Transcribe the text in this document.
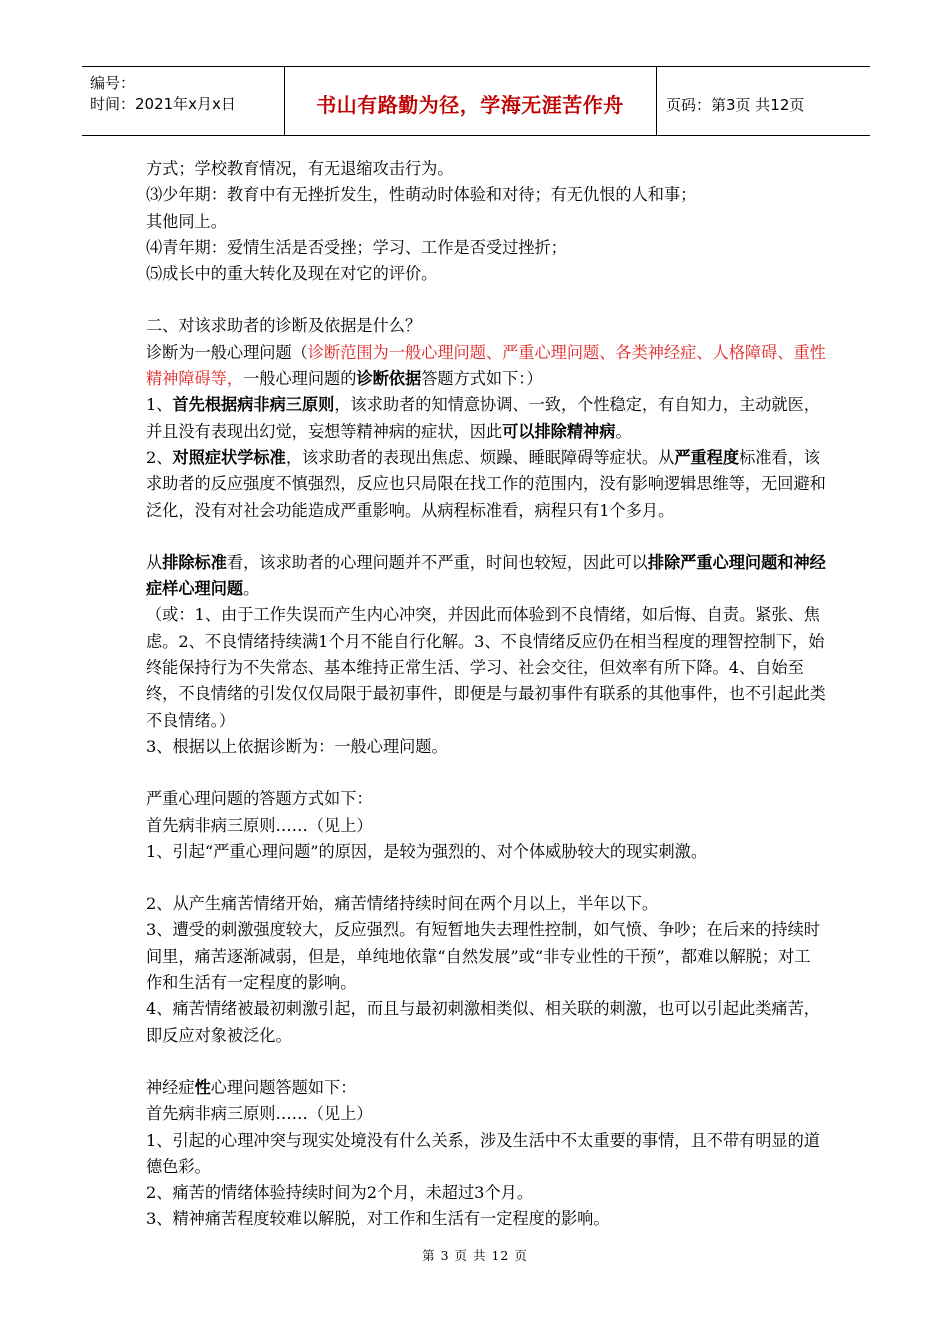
编号：
时间：2021年x月x日	书山有路勤为径，学海无涯苦作舟	页码：第3页 共12页

方式；学校教育情况，有无退缩攻击行为。

⑶少年期：教育中有无挫折发生，性萌动时体验和对待；有无仇恨的人和事；

其他同上。

⑷青年期：爱情生活是否受挫；学习、工作是否受过挫折；

⑸成长中的重大转化及现在对它的评价。

二、对该求助者的诊断及依据是什么？

诊断为一般心理问题（诊断范围为一般心理问题、严重心理问题、各类神经症、人格障碍、重性精神障碍等，一般心理问题的诊断依据答题方式如下：）

1、首先根据病非病三原则，该求助者的知情意协调、一致，个性稳定，有自知力，主动就医，并且没有表现出幻觉，妄想等精神病的症状，因此可以排除精神病。

2、对照症状学标准，该求助者的表现出焦虑、烦躁、睡眠障碍等症状。从严重程度标准看，该求助者的反应强度不慎强烈，反应也只局限在找工作的范围内，没有影响逻辑思维等，无回避和泛化，没有对社会功能造成严重影响。从病程标准看，病程只有1个多月。

从排除标准看，该求助者的心理问题并不严重，时间也较短，因此可以排除严重心理问题和神经症样心理问题。

（或：1、由于工作失误而产生内心冲突，并因此而体验到不良情绪，如后悔、自责。紧张、焦虑。2、不良情绪持续满1个月不能自行化解。3、不良情绪反应仍在相当程度的理智控制下，始终能保持行为不失常态、基本维持正常生活、学习、社会交往，但效率有所下降。4、自始至终，不良情绪的引发仅仅局限于最初事件，即便是与最初事件有联系的其他事件，也不引起此类不良情绪。）

3、根据以上依据诊断为：一般心理问题。

严重心理问题的答题方式如下：

首先病非病三原则……（见上）

1、引起“严重心理问题”的原因，是较为强烈的、对个体威胁较大的现实刺激。

2、从产生痛苦情绪开始，痛苦情绪持续时间在两个月以上，半年以下。

3、遭受的刺激强度较大，反应强烈。有短暂地失去理性控制，如气愤、争吵；在后来的持续时间里，痛苦逐渐减弱，但是，单纯地依靠“自然发展”或“非专业性的干预”，都难以解脱；对工作和生活有一定程度的影响。

4、痛苦情绪被最初刺激引起，而且与最初刺激相类似、相关联的刺激，也可以引起此类痛苦，即反应对象被泛化。

神经症性心理问题答题如下：

首先病非病三原则……（见上）

1、引起的心理冲突与现实处境没有什么关系，涉及生活中不太重要的事情，且不带有明显的道德色彩。

2、痛苦的情绪体验持续时间为2个月，未超过3个月。

3、精神痛苦程度较难以解脱，对工作和生活有一定程度的影响。

第 3 页 共 12 页
